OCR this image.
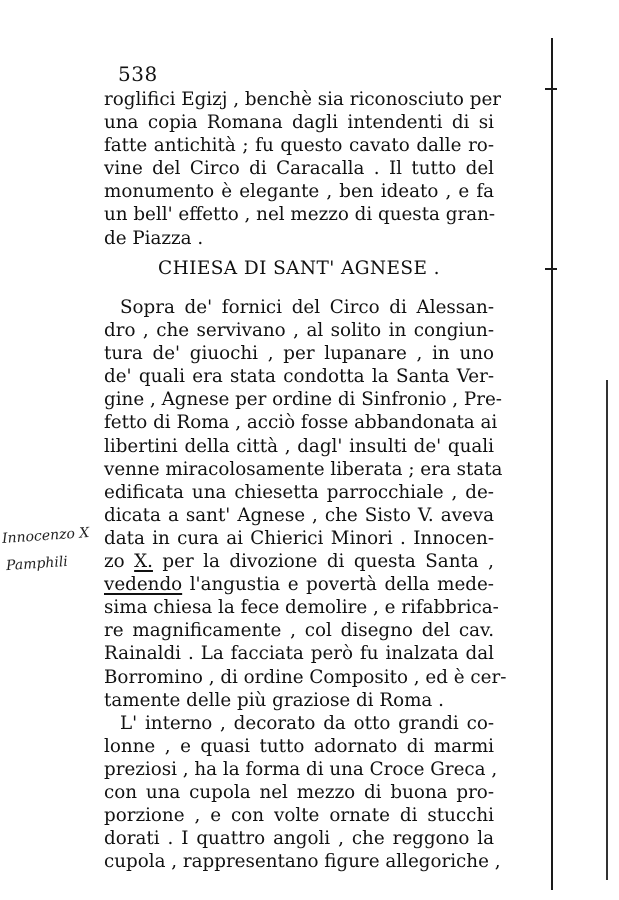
538
roglifici Egizj , benchè sia riconosciuto per
una copia Romana dagli intendenti di si
fatte antichità ; fu questo cavato dalle ro-
vine del Circo di Caracalla . Il tutto del
monumento è elegante , ben ideato , e fa
un bell' effetto , nel mezzo di questa gran-
de Piazza .
CHIESA DI SANT' AGNESE .
Sopra de' fornici del Circo di Alessan-
dro , che servivano , al solito in congiun-
tura de' giuochi , per lupanare , in uno
de' quali era stata condotta la Santa Ver-
gine , Agnese per ordine di Sinfronio , Pre-
fetto di Roma , acciò fosse abbandonata ai
libertini della città , dagl' insulti de' quali
venne miracolosamente liberata ; era stata
edificata una chiesetta parrocchiale , de-
dicata a sant' Agnese , che Sisto V. aveva
data in cura ai Chierici Minori . Innocen-
zo X. per la divozione di questa Santa ,
vedendo l'angustia e povertà della mede-
sima chiesa la fece demolire , e rifabbrica-
re magnificamente , col disegno del cav.
Rainaldi . La facciata però fu inalzata dal
Borromino , di ordine Composito , ed è cer-
tamente delle più graziose di Roma .
L' interno , decorato da otto grandi co-
lonne , e quasi tutto adornato di marmi
preziosi , ha la forma di una Croce Greca ,
con una cupola nel mezzo di buona pro-
porzione , e con volte ornate di stucchi
dorati . I quattro angoli , che reggono la
cupola , rappresentano figure allegoriche ,
Innocenzo X
Pamphili
